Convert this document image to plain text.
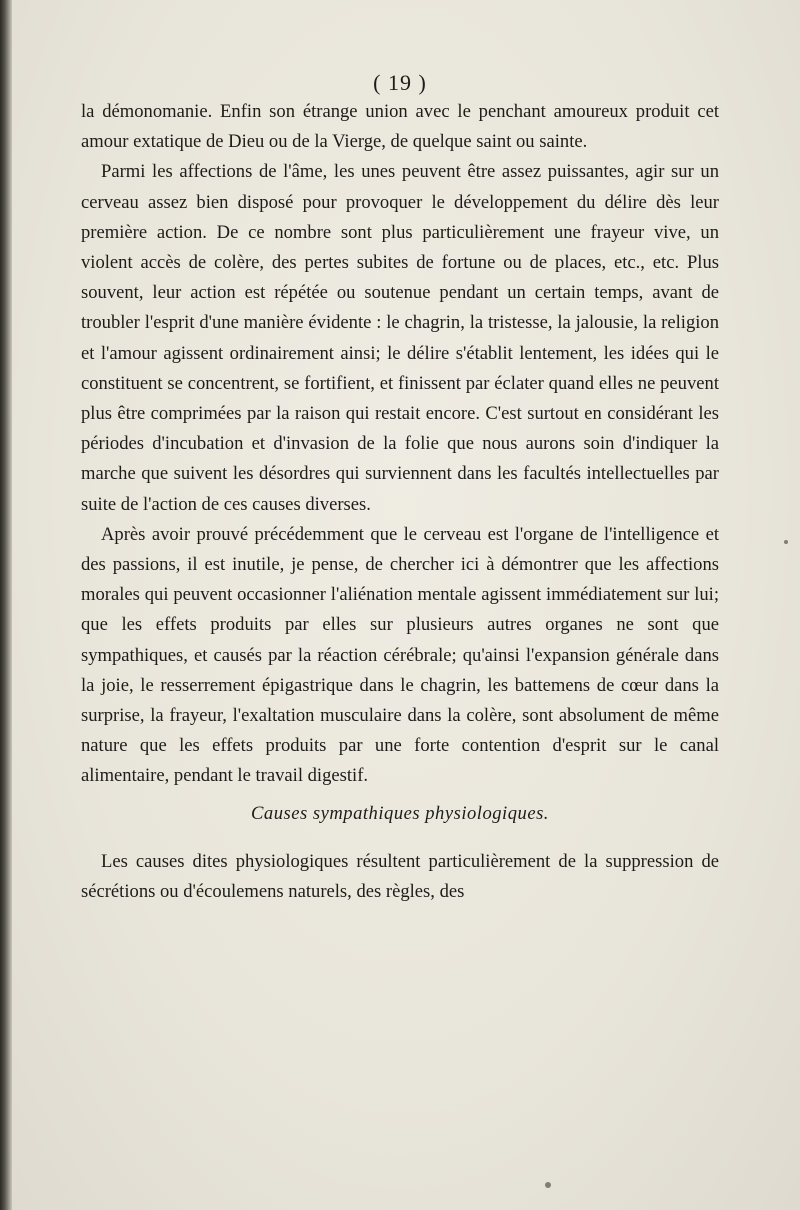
( 19 )

la démonomanie. Enfin son étrange union avec le penchant amoureux produit cet amour extatique de Dieu ou de la Vierge, de quelque saint ou sainte.

Parmi les affections de l'âme, les unes peuvent être assez puissantes, agir sur un cerveau assez bien disposé pour provoquer le développement du délire dès leur première action. De ce nombre sont plus particulièrement une frayeur vive, un violent accès de colère, des pertes subites de fortune ou de places, etc., etc. Plus souvent, leur action est répétée ou soutenue pendant un certain temps, avant de troubler l'esprit d'une manière évidente : le chagrin, la tristesse, la jalousie, la religion et l'amour agissent ordinairement ainsi; le délire s'établit lentement, les idées qui le constituent se concentrent, se fortifient, et finissent par éclater quand elles ne peuvent plus être comprimées par la raison qui restait encore. C'est surtout en considérant les périodes d'incubation et d'invasion de la folie que nous aurons soin d'indiquer la marche que suivent les désordres qui surviennent dans les facultés intellectuelles par suite de l'action de ces causes diverses.

Après avoir prouvé précédemment que le cerveau est l'organe de l'intelligence et des passions, il est inutile, je pense, de chercher ici à démontrer que les affections morales qui peuvent occasionner l'aliénation mentale agissent immédiatement sur lui; que les effets produits par elles sur plusieurs autres organes ne sont que sympathiques, et causés par la réaction cérébrale; qu'ainsi l'expansion générale dans la joie, le resserrement épigastrique dans le chagrin, les battemens de cœur dans la surprise, la frayeur, l'exaltation musculaire dans la colère, sont absolument de même nature que les effets produits par une forte contention d'esprit sur le canal alimentaire, pendant le travail digestif.

Causes sympathiques physiologiques.

Les causes dites physiologiques résultent particulièrement de la suppression de sécrétions ou d'écoulemens naturels, des règles, des
